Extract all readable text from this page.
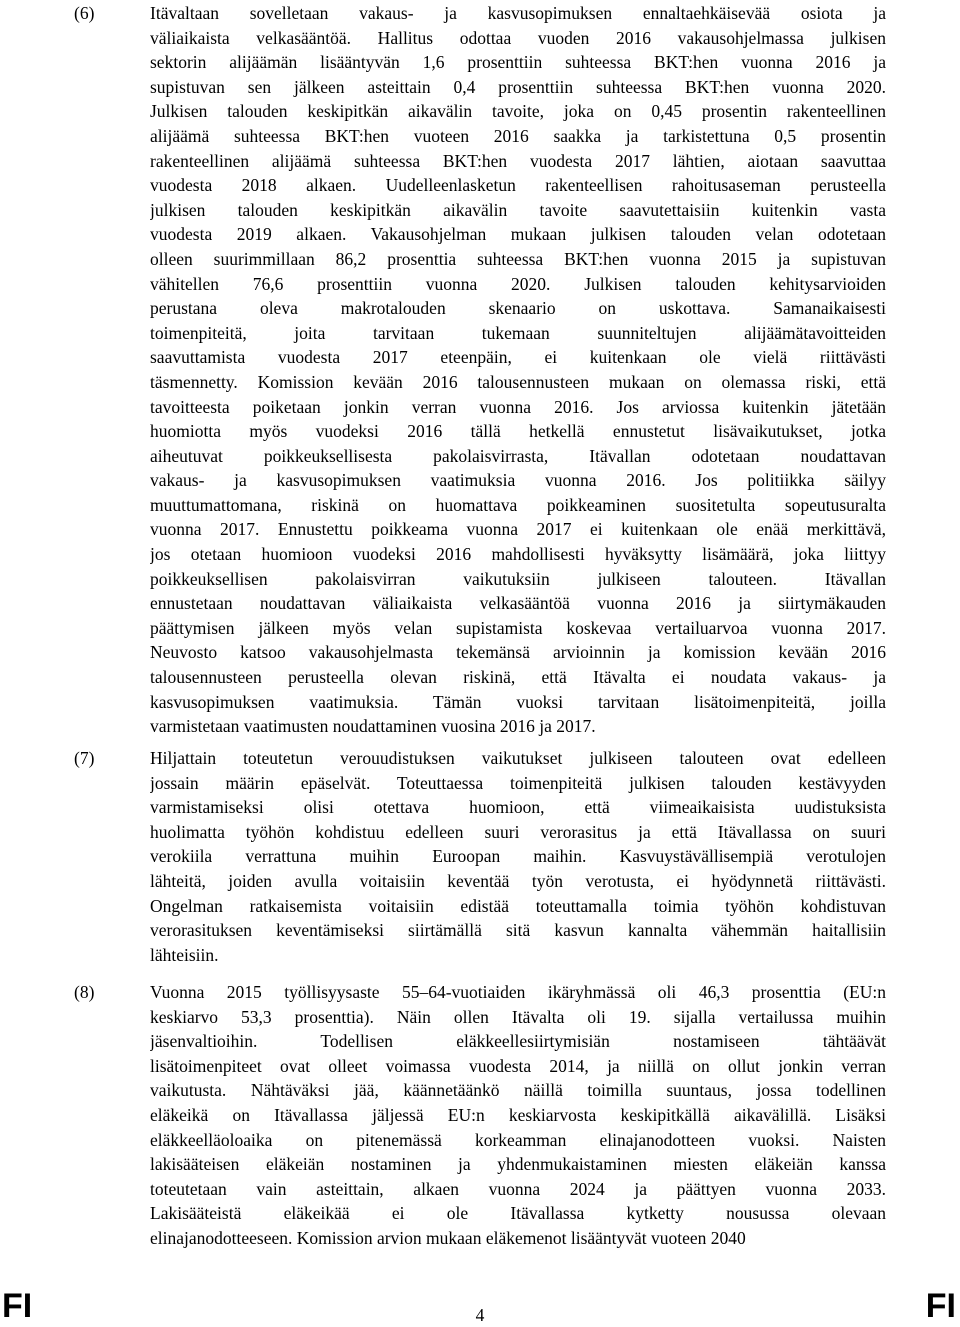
(6)	Itävaltaan sovelletaan vakaus- ja kasvusopimuksen ennaltaehkäisevää osiota ja
väliaikaista velkasääntöä. Hallitus odottaa vuoden 2016 vakausohjelmassa julkisen
sektorin alijäämän lisääntyvän 1,6 prosenttiin suhteessa BKT:hen vuonna 2016 ja
supistuvan sen jälkeen asteittain 0,4 prosenttiin suhteessa BKT:hen vuonna 2020.
Julkisen talouden keskipitkän aikavälin tavoite, joka on 0,45 prosentin rakenteellinen
alijäämä suhteessa BKT:hen vuoteen 2016 saakka ja tarkistettuna 0,5 prosentin
rakenteellinen alijäämä suhteessa BKT:hen vuodesta 2017 lähtien, aiotaan saavuttaa
vuodesta 2018 alkaen. Uudelleenlasketun rakenteellisen rahoitusaseman perusteella
julkisen talouden keskipitkän aikavälin tavoite saavutettaisiin kuitenkin vasta
vuodesta 2019 alkaen. Vakausohjelman mukaan julkisen talouden velan odotetaan
olleen suurimmillaan 86,2 prosenttia suhteessa BKT:hen vuonna 2015 ja supistuvan
vähitellen 76,6 prosenttiin vuonna 2020. Julkisen talouden kehitysarvioiden
perustana oleva makrotalouden skenaario on uskottava. Samanaikaisesti
toimenpiteitä, joita tarvitaan tukemaan suunniteltujen alijäämätavoitteiden
saavuttamista vuodesta 2017 eteenpäin, ei kuitenkaan ole vielä riittävästi
täsmennetty. Komission kevään 2016 talousennusteen mukaan on olemassa riski, että
tavoitteesta poiketaan jonkin verran vuonna 2016. Jos arviossa kuitenkin jätetään
huomiotta myös vuodeksi 2016 tällä hetkellä ennustetut lisävaikutukset, jotka
aiheutuvat poikkeuksellisesta pakolaisvirrasta, Itävallan odotetaan noudattavan
vakaus- ja kasvusopimuksen vaatimuksia vuonna 2016. Jos politiikka säilyy
muuttumattomana, riskinä on huomattava poikkeaminen suositetulta sopeutusuralta
vuonna 2017. Ennustettu poikkeama vuonna 2017 ei kuitenkaan ole enää merkittävä,
jos otetaan huomioon vuodeksi 2016 mahdollisesti hyväksytty lisämäärä, joka liittyy
poikkeuksellisen pakolaisvirran vaikutuksiin julkiseen talouteen. Itävallan
ennustetaan noudattavan väliaikaista velkasääntöä vuonna 2016 ja siirtymäkauden
päättymisen jälkeen myös velan supistamista koskevaa vertailuarvoa vuonna 2017.
Neuvosto katsoo vakausohjelmasta tekemänsä arvioinnin ja komission kevään 2016
talousennusteen perusteella olevan riskinä, että Itävalta ei noudata vakaus- ja
kasvusopimuksen vaatimuksia. Tämän vuoksi tarvitaan lisätoimenpiteitä, joilla
varmistetaan vaatimusten noudattaminen vuosina 2016 ja 2017.
(7)	Hiljattain toteutetun verouudistuksen vaikutukset julkiseen talouteen ovat edelleen
jossain määrin epäselvät. Toteuttaessa toimenpiteitä julkisen talouden kestävyyden
varmistamiseksi olisi otettava huomioon, että viimeaikaisista uudistuksista
huolimatta työhön kohdistuu edelleen suuri verorasitus ja että Itävallassa on suuri
verokiila verrattuna muihin Euroopan maihin. Kasvuystävällisempiä verotulojen
lähteitä, joiden avulla voitaisiin keventää työn verotusta, ei hyödynnetä riittävästi.
Ongelman ratkaisemista voitaisiin edistää toteuttamalla toimia työhön kohdistuvan
verorasituksen keventämiseksi siirtämällä sitä kasvun kannalta vähemmän haitallisiin
lähteisiin.
(8)	Vuonna 2015 työllisyysaste 55–64-vuotiaiden ikäryhmässä oli 46,3 prosenttia (EU:n
keskiarvo 53,3 prosenttia). Näin ollen Itävalta oli 19. sijalla vertailussa muihin
jäsenvaltioihin. Todellisen eläkkeellesiirtymisiän nostamiseen tähtäävät
lisätoimenpiteet ovat olleet voimassa vuodesta 2014, ja niillä on ollut jonkin verran
vaikutusta. Nähtäväksi jää, käännetäänkö näillä toimilla suuntaus, jossa todellinen
eläkeikä on Itävallassa jäljessä EU:n keskiarvosta keskipitkällä aikavälillä. Lisäksi
eläkkeelläoloaika on pitenemässä korkeamman elinajanodotteen vuoksi. Naisten
lakisääteisen eläkeiän nostaminen ja yhdenmukaistaminen miesten eläkeiän kanssa
toteutetaan vain asteittain, alkaen vuonna 2024 ja päättyen vuonna 2033.
Lakisääteistä eläkeikää ei ole Itävallassa kytketty nousussa olevaan
elinajanodotteeseen. Komission arvion mukaan eläkemenot lisääntyvät vuoteen 2040
FI	4	FI
